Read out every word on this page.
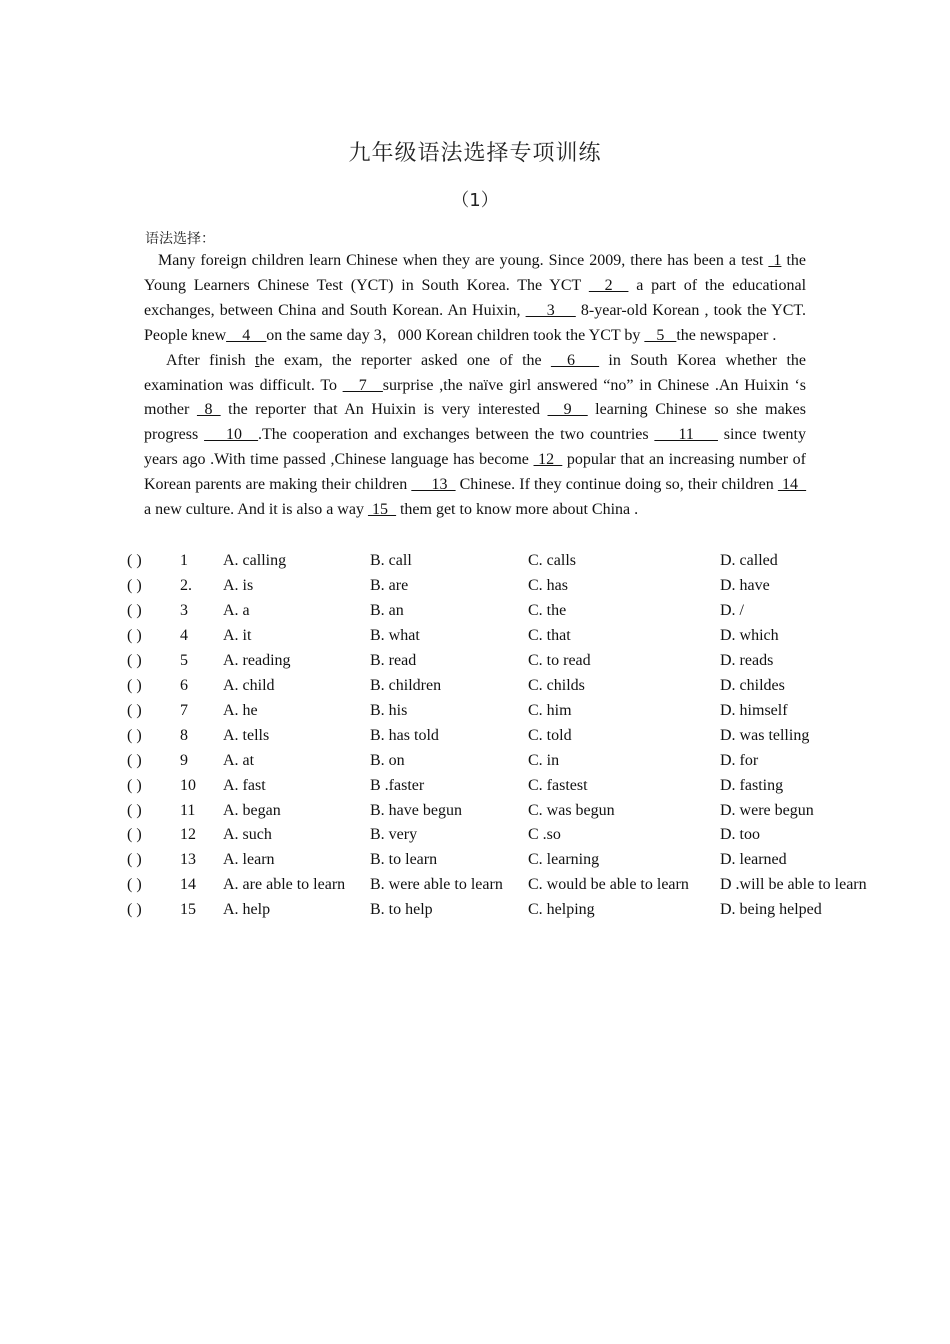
九年级语法选择专项训练
（1）
语法选择：

Many foreign children learn Chinese when they are young. Since 2009, there has been a test  1 the Young Learners Chinese Test (YCT) in South Korea. The YCT  _2_  a part of the educational exchanges, between China and South Korean. An Huixin,  __3__  8-year-old Korean , took the YCT. People knew__4__on the same day 3，000 Korean children took the YCT by  _5_ the newspaper .

After finish the exam, the reporter asked one of the __6___ in South Korea whether the examination was difficult. To __7__surprise ,the naïve girl answered “no” in Chinese .An Huixin ‘s mother  8_ the reporter that An Huixin is very interested __9__ learning Chinese so she makes progress  __10__.The cooperation and exchanges between the two countries ___11___ since twenty years ago .With time passed ,Chinese language has become  12_ popular that an increasing number of Korean parents are making their children  __13_ Chinese. If they continue doing so, their children  14_ a new culture. And it is also a way  15_ them get to know more about China .

( ) 1 A. calling	B. call	C. calls	D. called
( ) 2. A. is	B. are	C. has	D. have
( ) 3 A. a	B. an	C. the	D. /
( ) 4 A. it	B. what	C. that	D. which
( ) 5 A. reading	B. read	C. to read	D. reads
( ) 6 A. child	B. children	C. childs	D. childes
( ) 7 A. he	B. his	C. him	D. himself
( ) 8 A. tells	B. has told	C. told	D. was telling
( ) 9 A. at	B. on	C. in	D. for
( ) 10 A. fast	B .faster	C. fastest	D. fasting
( ) 11 A. began	B. have begun	C. was begun	D. were begun
( ) 12 A. such	B. very	C .so	D. too
( ) 13 A. learn	B. to learn	C. learning	D. learned
( ) 14 A. are able to learn B. were able to learn C. would be able to learn D .will be able to learn
( ) 15 A. help	B. to help	C. helping	D. being helped
